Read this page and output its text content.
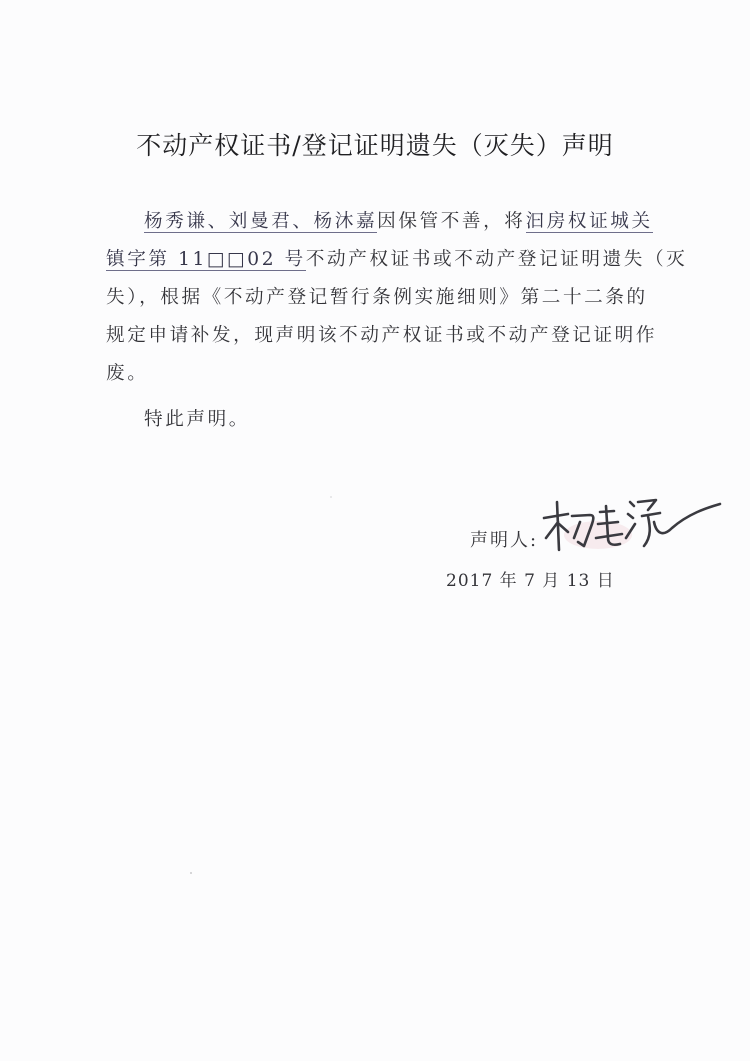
不动产权证书/登记证明遗失（灭失）声明
杨秀谦、刘曼君、杨沐嘉因保管不善，将汩房权证城关
镇字第 11□□02 号不动产权证书或不动产登记证明遗失（灭
失），根据《不动产登记暂行条例实施细则》第二十二条的
规定申请补发，现声明该不动产权证书或不动产登记证明作
废。
特此声明。
声明人:
2017 年 7 月 13 日
